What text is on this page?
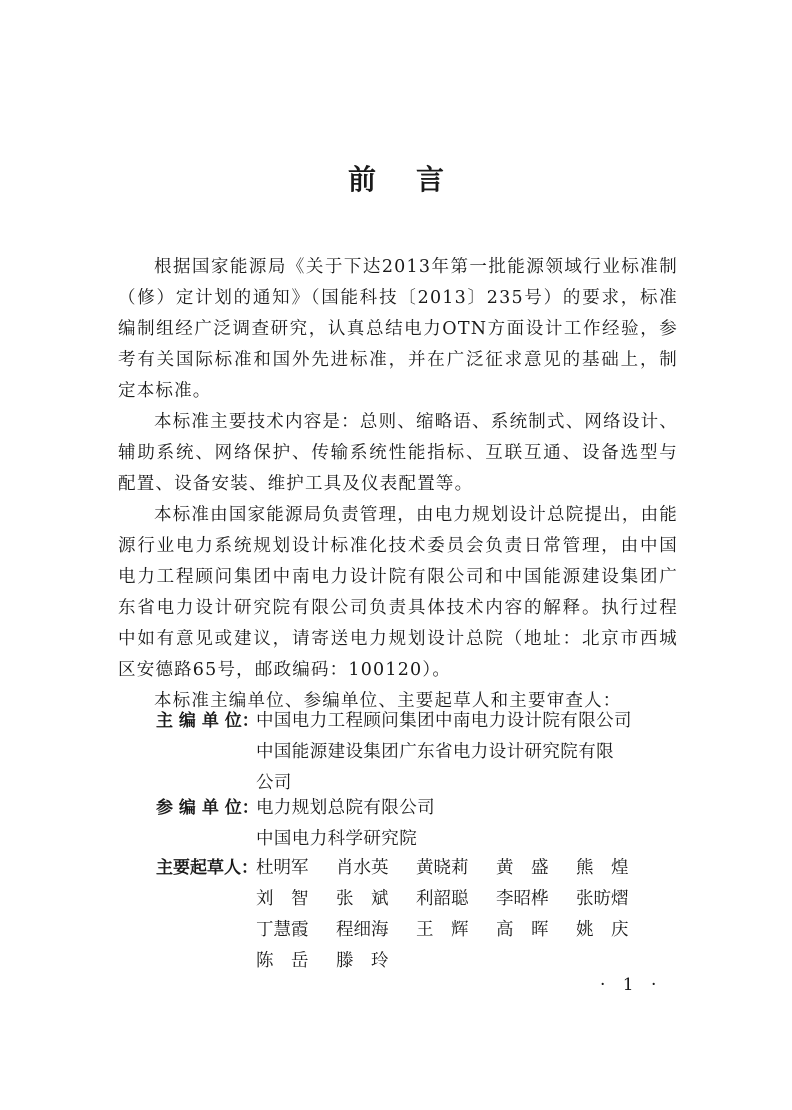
前言

根据国家能源局《关于下达2013年第一批能源领域行业标准制（修）定计划的通知》（国能科技〔2013〕235号）的要求，标准编制组经广泛调查研究，认真总结电力OTN方面设计工作经验，参考有关国际标准和国外先进标准，并在广泛征求意见的基础上，制定本标准。

本标准主要技术内容是：总则、缩略语、系统制式、网络设计、辅助系统、网络保护、传输系统性能指标、互联互通、设备选型与配置、设备安装、维护工具及仪表配置等。

本标准由国家能源局负责管理，由电力规划设计总院提出，由能源行业电力系统规划设计标准化技术委员会负责日常管理，由中国电力工程顾问集团中南电力设计院有限公司和中国能源建设集团广东省电力设计研究院有限公司负责具体技术内容的解释。执行过程中如有意见或建议，请寄送电力规划设计总院（地址：北京市西城区安德路65号，邮政编码：100120）。

本标准主编单位、参编单位、主要起草人和主要审查人：

主 编 单 位：
中国电力工程顾问集团中南电力设计院有限公司
中国能源建设集团广东省电力设计研究院有限
公司
参 编 单 位：
电力规划总院有限公司
中国电力科学研究院
主要起草人：
杜明军	肖水英	黄晓莉	黄　盛	熊　煌
刘　智	张　斌	利韶聪	李昭桦	张昉熠
丁慧霞	程细海	王　辉	高　晖	姚　庆
陈　岳	滕　玲
· 1 ·
